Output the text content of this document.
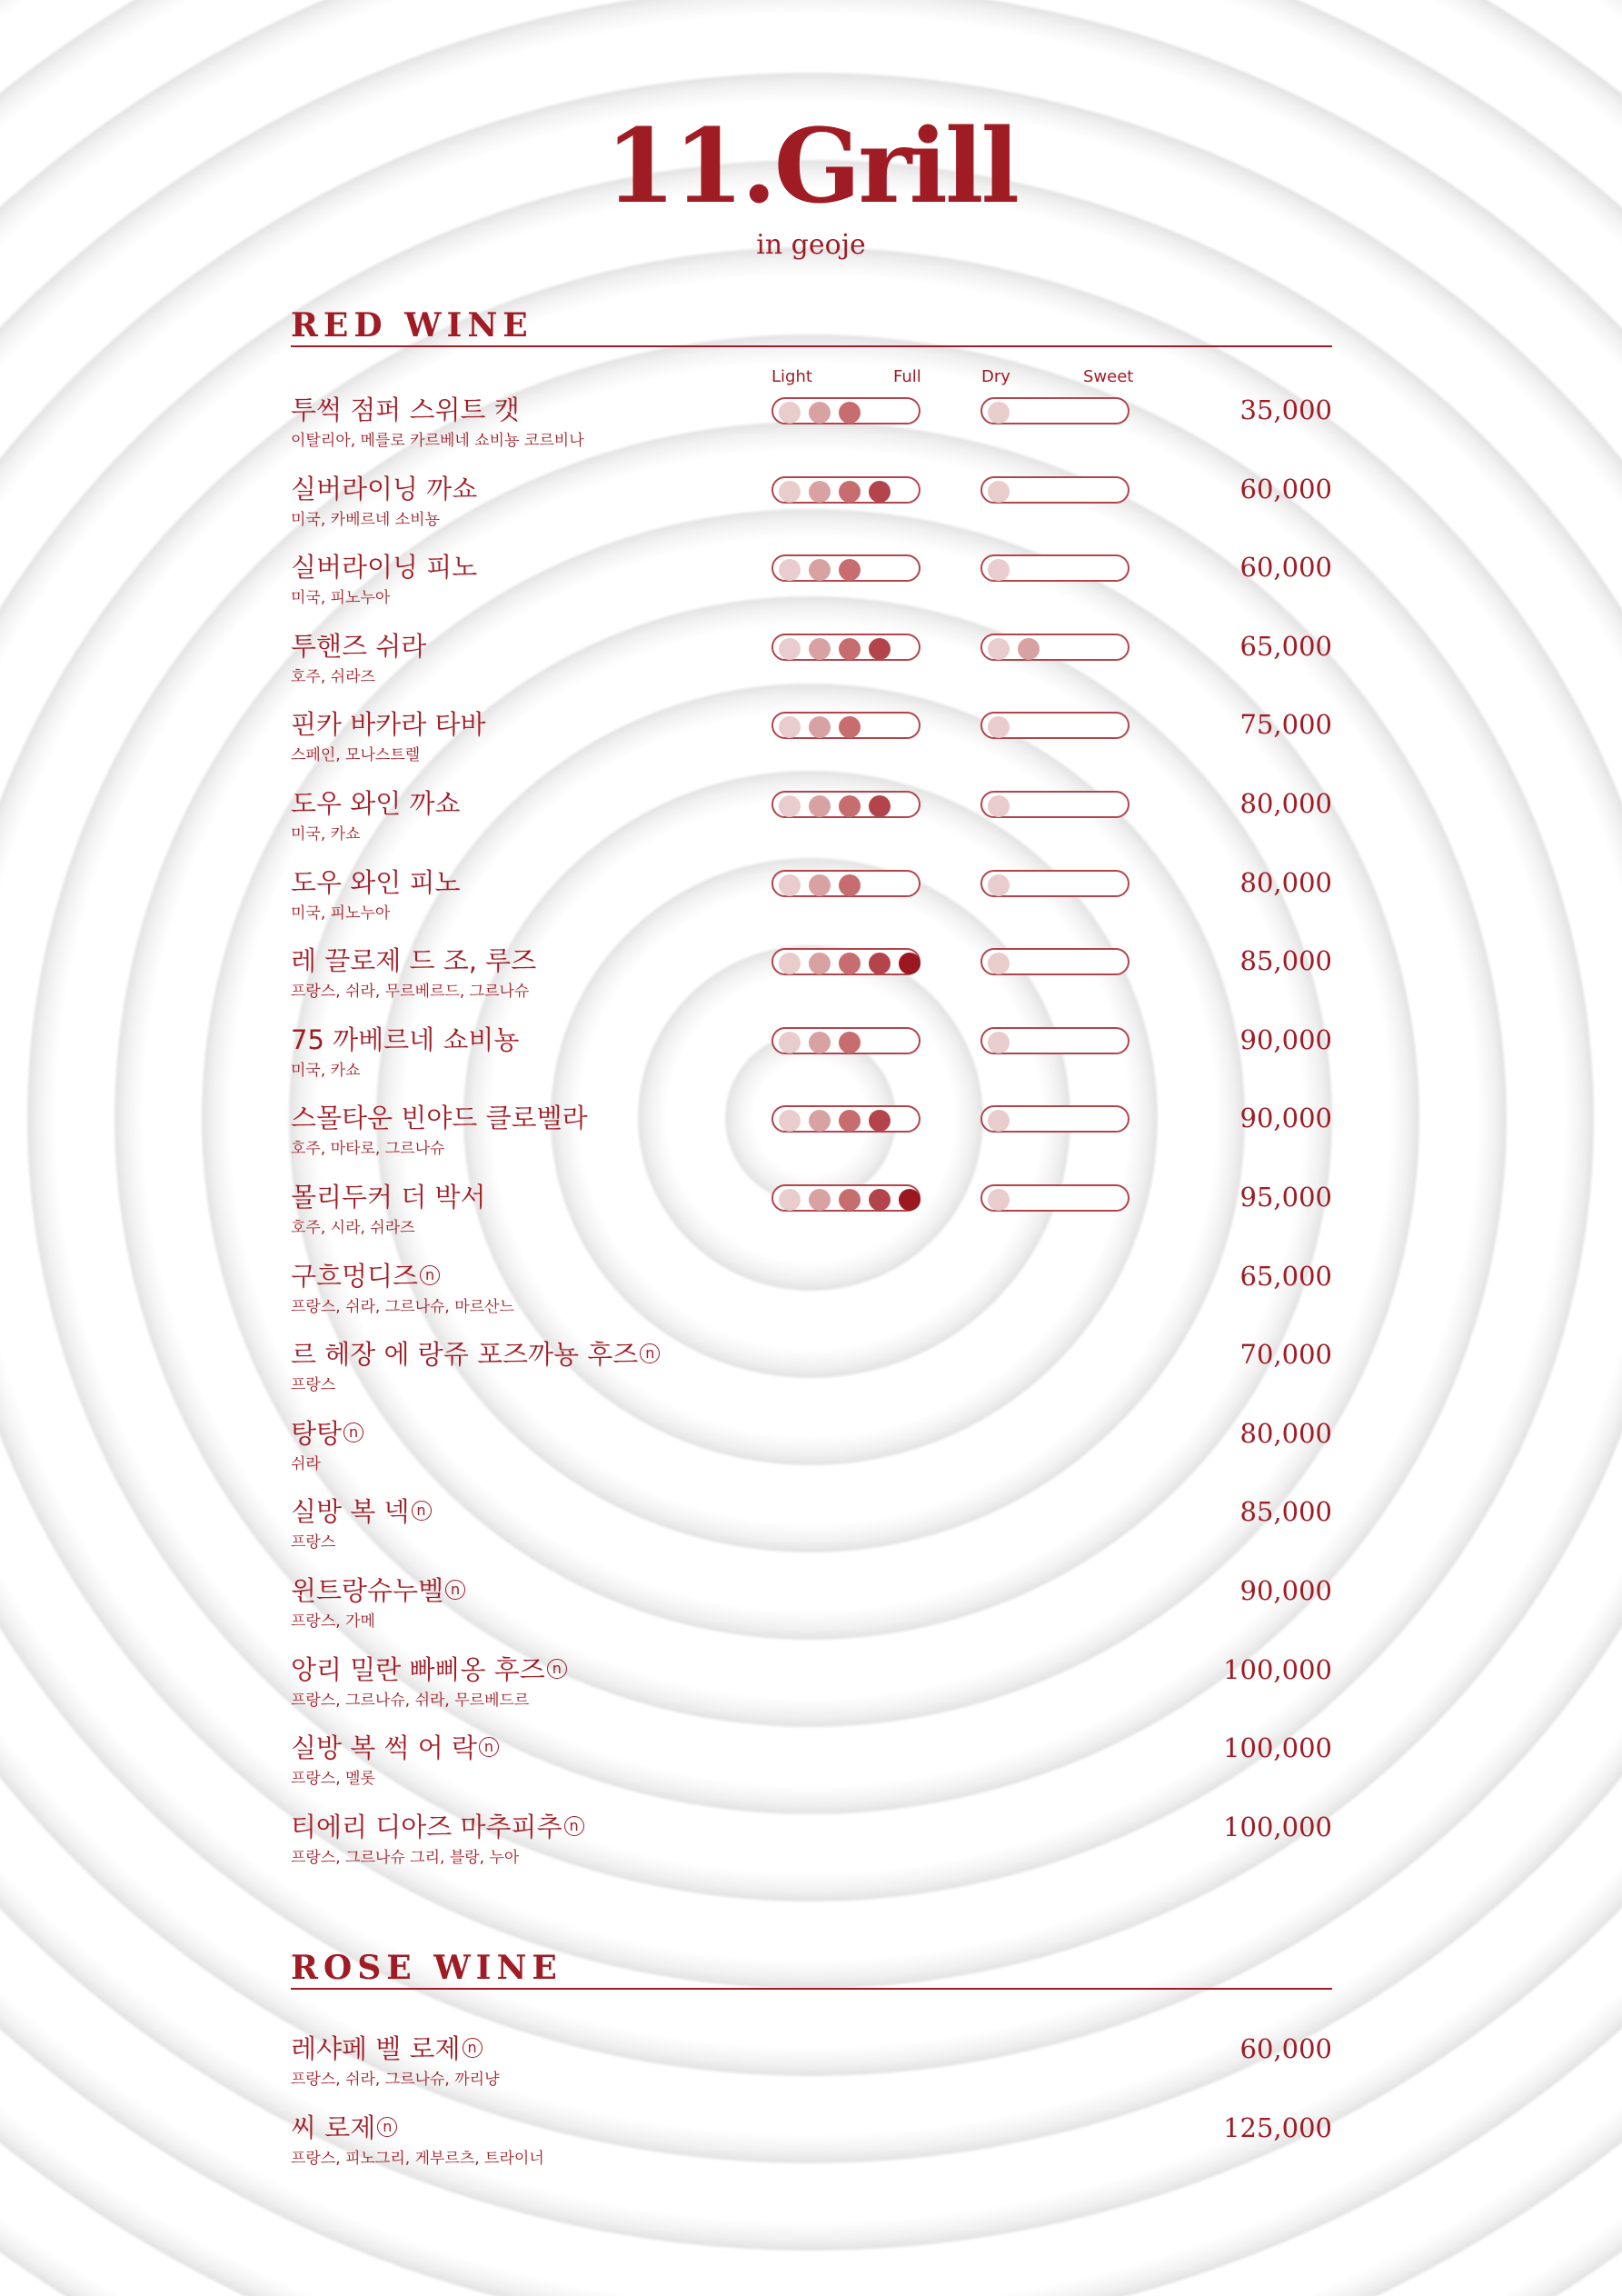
11.Grill
in geoje
RED WINE
Light	Full	Dry	Sweet
투썩 점퍼 스위트 캣
이탈리아, 메를로 카르베네 쇼비뇽 코르비나
35,000
실버라이닝 까쇼
미국, 카베르네 소비뇽
60,000
실버라이닝 피노
미국, 피노누아
60,000
투핸즈 쉬라
호주, 쉬라즈
65,000
핀카 바카라 타바
스페인, 모나스트렐
75,000
도우 와인 까쇼
미국, 카쇼
80,000
도우 와인 피노
미국, 피노누아
80,000
레 끌로제 드 조, 루즈
프랑스, 쉬라, 무르베르드, 그르나슈
85,000
75 까베르네 쇼비뇽
미국, 카쇼
90,000
스몰타운 빈야드 클로벨라
호주, 마타로, 그르나슈
90,000
몰리두커 더 박서
호주, 시라, 쉬라즈
95,000
구흐멍디즈 n
프랑스, 쉬라, 그르나슈, 마르산느
65,000
르 헤장 에 랑쥬 포즈까뇽 후즈 n
프랑스
70,000
탕탕 n
쉬라
80,000
실방 복 넥 n
프랑스
85,000
윈트랑슈누벨 n
프랑스, 가메
90,000
앙리 밀란 빠삐옹 후즈 n
프랑스, 그르나슈, 쉬라, 무르베드르
100,000
실방 복 썩 어 락 n
프랑스, 멜롯
100,000
티에리 디아즈 마추피추 n
프랑스, 그르나슈 그리, 블랑, 누아
100,000
ROSE WINE
레샤페 벨 로제 n
프랑스, 쉬라, 그르나슈, 까리냥
60,000
씨 로제 n
프랑스, 피노그리, 게부르츠, 트라이너
125,000
